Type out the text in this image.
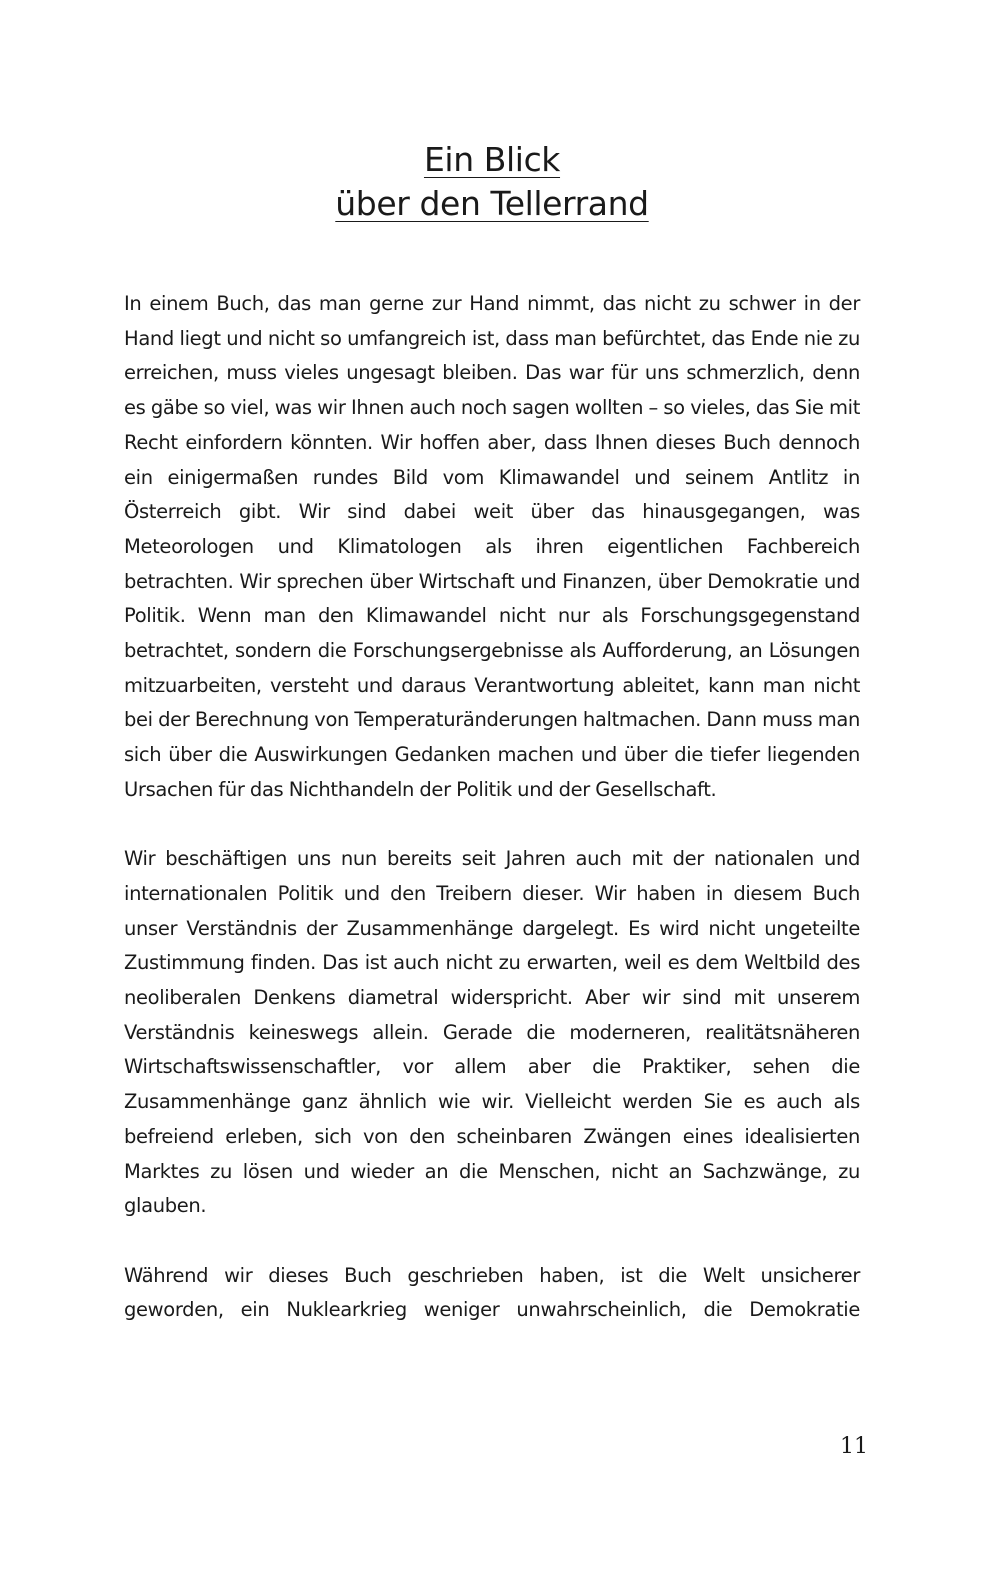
Ein Blick
über den Tellerrand

In einem Buch, das man gerne zur Hand nimmt, das nicht zu schwer in der Hand liegt und nicht so umfangreich ist, dass man befürchtet, das Ende nie zu erreichen, muss vieles ungesagt bleiben. Das war für uns schmerzlich, denn es gäbe so viel, was wir Ihnen auch noch sagen wollten – so vieles, das Sie mit Recht einfordern könnten. Wir hoffen aber, dass Ihnen dieses Buch dennoch ein einigermaßen rundes Bild vom Klimawandel und seinem Antlitz in Österreich gibt. Wir sind dabei weit über das hinausgegangen, was Meteorologen und Klimatologen als ihren eigentlichen Fachbereich betrachten. Wir sprechen über Wirtschaft und Finanzen, über Demokratie und Politik. Wenn man den Klimawandel nicht nur als Forschungsgegenstand betrachtet, sondern die Forschungsergebnisse als Aufforderung, an Lösungen mitzuarbeiten, versteht und daraus Verantwortung ableitet, kann man nicht bei der Berechnung von Temperaturänderungen haltmachen. Dann muss man sich über die Auswirkungen Gedanken machen und über die tiefer liegenden Ursachen für das Nichthandeln der Politik und der Gesellschaft.

Wir beschäftigen uns nun bereits seit Jahren auch mit der nationalen und internationalen Politik und den Treibern dieser. Wir haben in diesem Buch unser Verständnis der Zusammenhänge dargelegt. Es wird nicht ungeteilte Zustimmung finden. Das ist auch nicht zu erwarten, weil es dem Weltbild des neoliberalen Denkens diametral widerspricht. Aber wir sind mit unserem Verständnis keineswegs allein. Gerade die moderneren, realitätsnäheren Wirtschaftswissenschaftler, vor allem aber die Praktiker, sehen die Zusammenhänge ganz ähnlich wie wir. Vielleicht werden Sie es auch als befreiend erleben, sich von den scheinbaren Zwängen eines idealisierten Marktes zu lösen und wieder an die Menschen, nicht an Sachzwänge, zu glauben.

Während wir dieses Buch geschrieben haben, ist die Welt unsicherer geworden, ein Nuklearkrieg weniger unwahrscheinlich, die Demokratie

11
